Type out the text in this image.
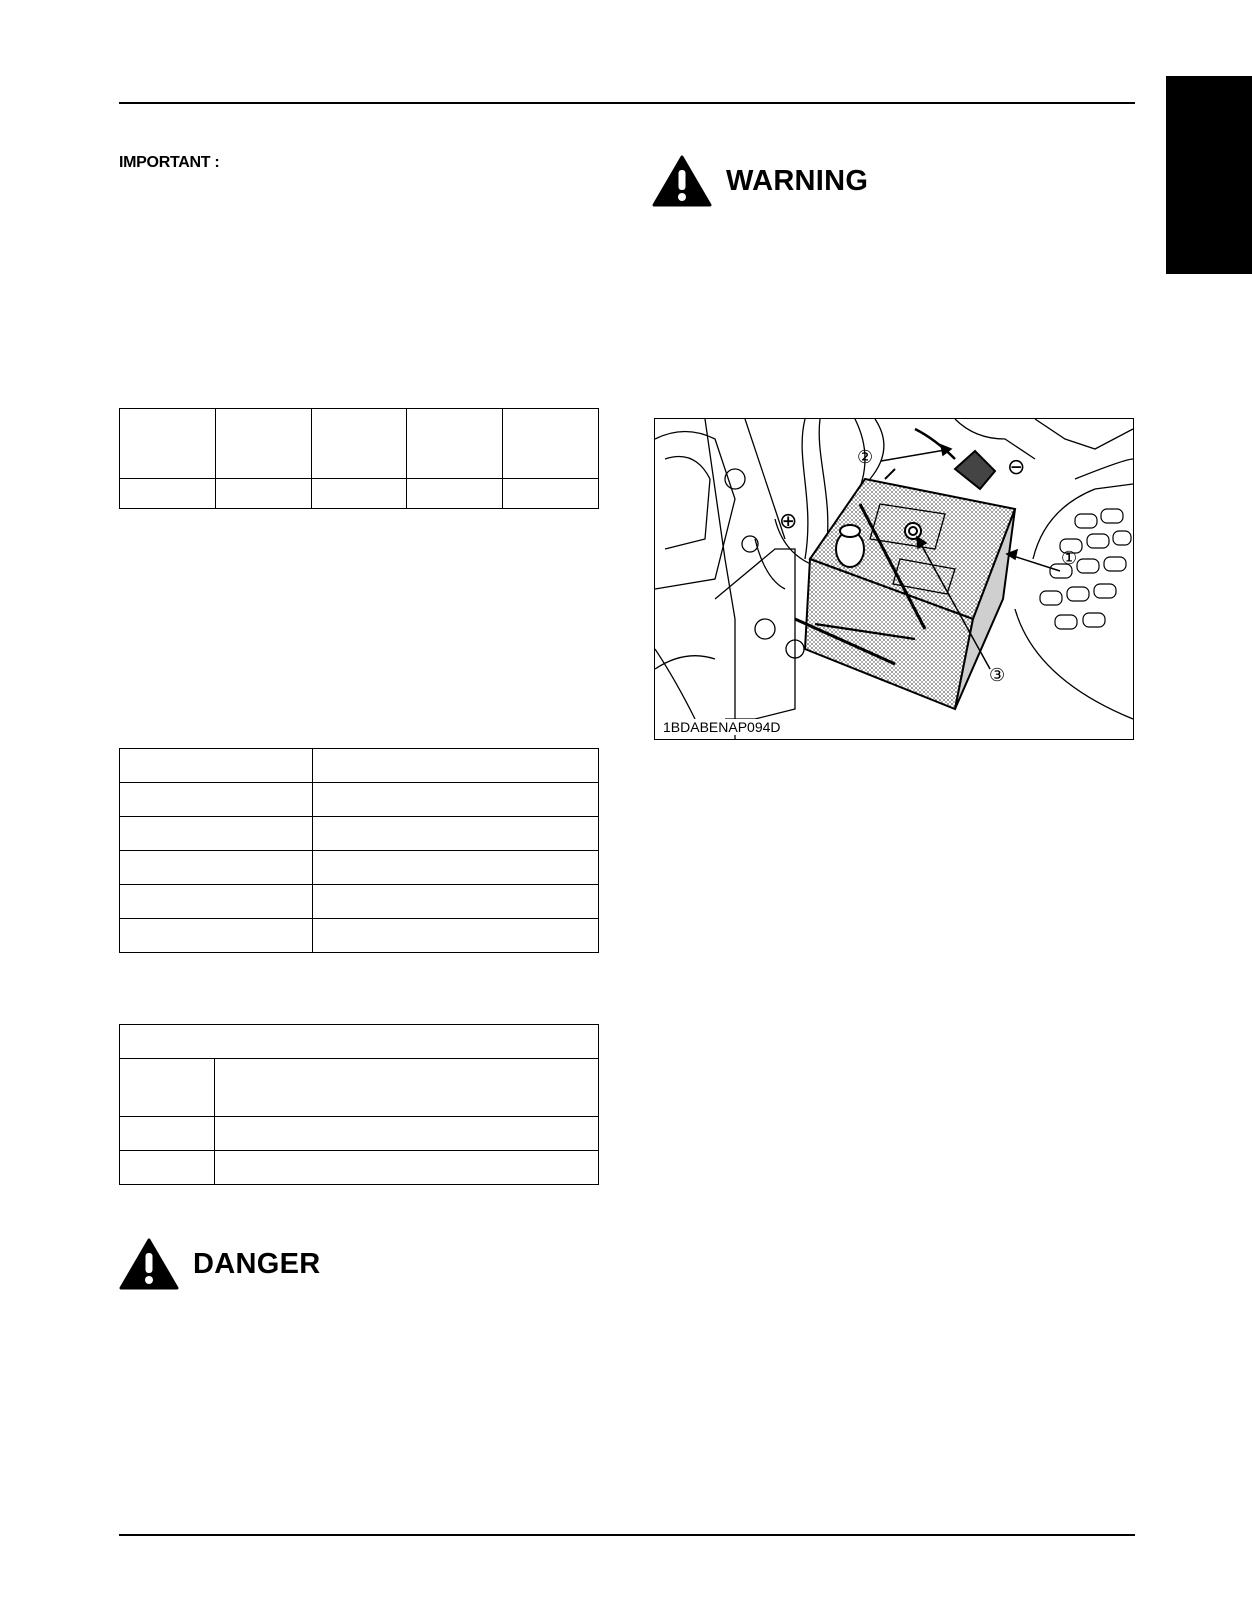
IMPORTANT :
WARNING

①
②
③
⊕
⊖
1BDABENAP094D

DANGER
